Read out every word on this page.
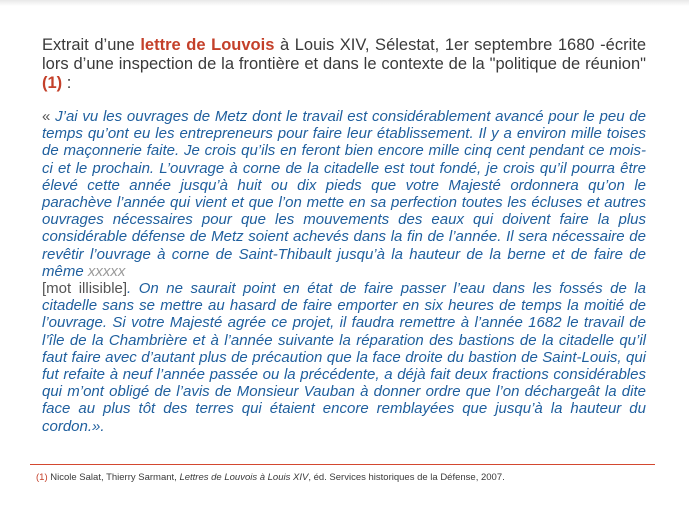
Extrait d’une lettre de Louvois à Louis XIV, Sélestat, 1er septembre 1680 -écrite lors d’une inspection de la frontière et dans le contexte de la "politique de réunion"(1) :
« J’ai vu les ouvrages de Metz dont le travail est considérablement avancé pour le peu de temps qu’ont eu les entrepreneurs pour faire leur établissement. Il y a environ mille toises de maçonnerie faite. Je crois qu’ils en feront bien encore mille cinq cent pendant ce mois-ci et le prochain. L’ouvrage à corne de la citadelle est tout fondé, je crois qu’il pourra être élevé cette année jusqu’à huit ou dix pieds que votre Majesté ordonnera qu’on le parachève l’année qui vient et que l’on mette en sa perfection toutes les écluses et autres ouvrages nécessaires pour que les mouvements des eaux qui doivent faire la plus considérable défense de Metz soient achevés dans la fin de l’année. Il sera nécessaire de revêtir l’ouvrage à corne de Saint-Thibault jusqu’à la hauteur de la berne et de faire de même xxxxx
[mot illisible]. On ne saurait point en état de faire passer l’eau dans les fossés de la citadelle sans se mettre au hasard de faire emporter en six heures de temps la moitié de l’ouvrage. Si votre Majesté agrée ce projet, il faudra remettre à l’année 1682 le travail de l’île de la Chambrière et à l’année suivante la réparation des bastions de la citadelle qu’il faut faire avec d’autant plus de précaution que la face droite du bastion de Saint-Louis, qui fut refaite à neuf l’année passée ou la précédente, a déjà fait deux fractions considérables qui m’ont obligé de l’avis de Monsieur Vauban à donner ordre que l’on déchargeât la dite face au plus tôt des terres qui étaient encore remblayées que jusqu’à la hauteur du cordon.».
(1) Nicole Salat, Thierry Sarmant, Lettres de Louvois à Louis XIV, éd. Services historiques de la Défense, 2007.
